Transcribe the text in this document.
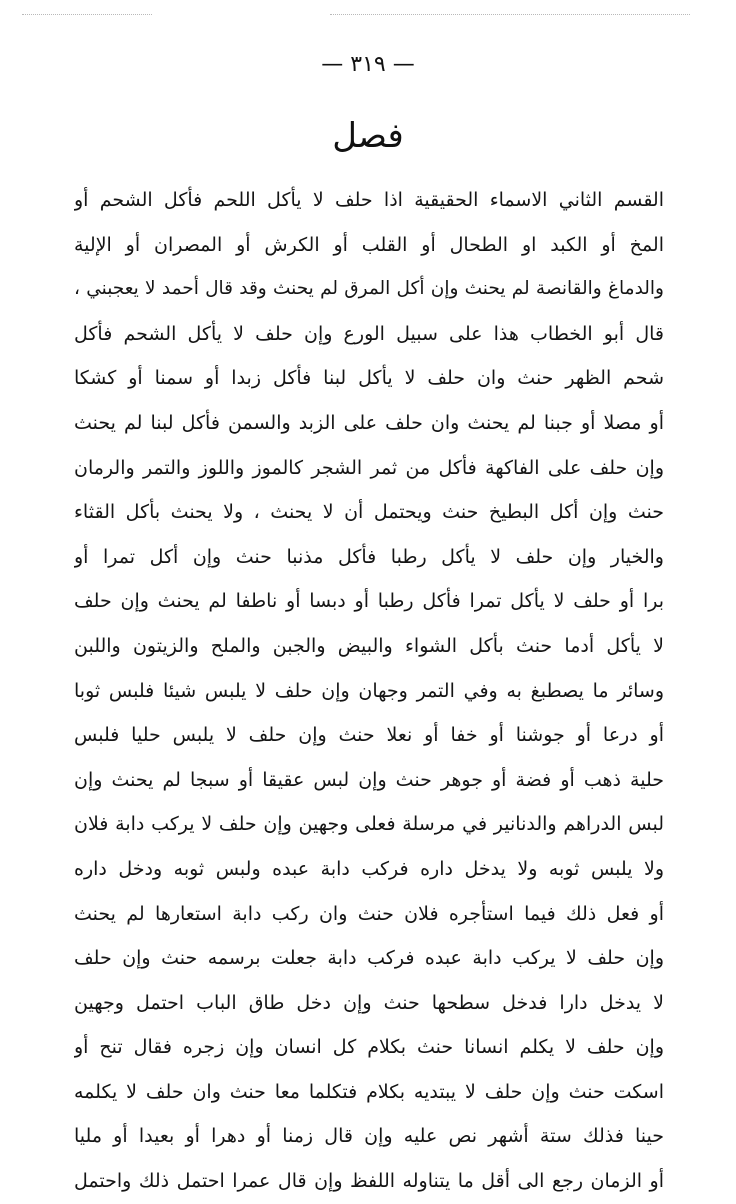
— ٣١٩ —
فصل
القسم الثاني الاسماء الحقيقية اذا حلف لا يأكل اللحم فأكل الشحم أو
المخ أو الكبد او الطحال أو القلب أو الكرش أو المصران أو الإلية
والدماغ والقانصة لم يحنث وإن أكل المرق لم يحنث وقد قال أحمد لا يعجبني ،
قال أبو الخطاب هذا على سبيل الورع وإن حلف لا يأكل الشحم فأكل
شحم الظهر حنث وان حلف لا يأكل لبنا فأكل زبدا أو سمنا أو كشكا
أو مصلا أو جبنا لم يحنث وان حلف على الزبد والسمن فأكل لبنا لم يحنث
وإن حلف على الفاكهة فأكل من ثمر الشجر كالموز واللوز والتمر والرمان
حنث وإن أكل البطيخ حنث ويحتمل أن لا يحنث ، ولا يحنث بأكل القثاء
والخيار وإن حلف لا يأكل رطبا فأكل مذنبا حنث وإن أكل تمرا أو
برا أو حلف لا يأكل تمرا فأكل رطبا أو دبسا أو ناطفا لم يحنث وإن حلف
لا يأكل أدما حنث بأكل الشواء والبيض والجبن والملح والزيتون واللبن
وسائر ما يصطبغ به وفي التمر وجهان وإن حلف لا يلبس شيئا فلبس ثوبا
أو درعا أو جوشنا أو خفا أو نعلا حنث وإن حلف لا يلبس حليا فلبس
حلية ذهب أو فضة أو جوهر حنث وإن لبس عقيقا أو سبجا لم يحنث وإن
لبس الدراهم والدنانير في مرسلة فعلى وجهين وإن حلف لا يركب دابة فلان
ولا يلبس ثوبه ولا يدخل داره فركب دابة عبده ولبس ثوبه ودخل داره
أو فعل ذلك فيما استأجره فلان حنث وان ركب دابة استعارها لم يحنث
وإن حلف لا يركب دابة عبده فركب دابة جعلت برسمه حنث وإن حلف
لا يدخل دارا فدخل سطحها حنث وإن دخل طاق الباب احتمل وجهين
وإن حلف لا يكلم انسانا حنث بكلام كل انسان وإن زجره فقال تنح أو
اسكت حنث وإن حلف لا يبتديه بكلام فتكلما معا حنث وان حلف لا يكلمه
حينا فذلك ستة أشهر نص عليه وإن قال زمنا أو دهرا أو بعيدا أو مليا
أو الزمان رجع الى أقل ما يتناوله اللفظ وإن قال عمرا احتمل ذلك واحتمل
